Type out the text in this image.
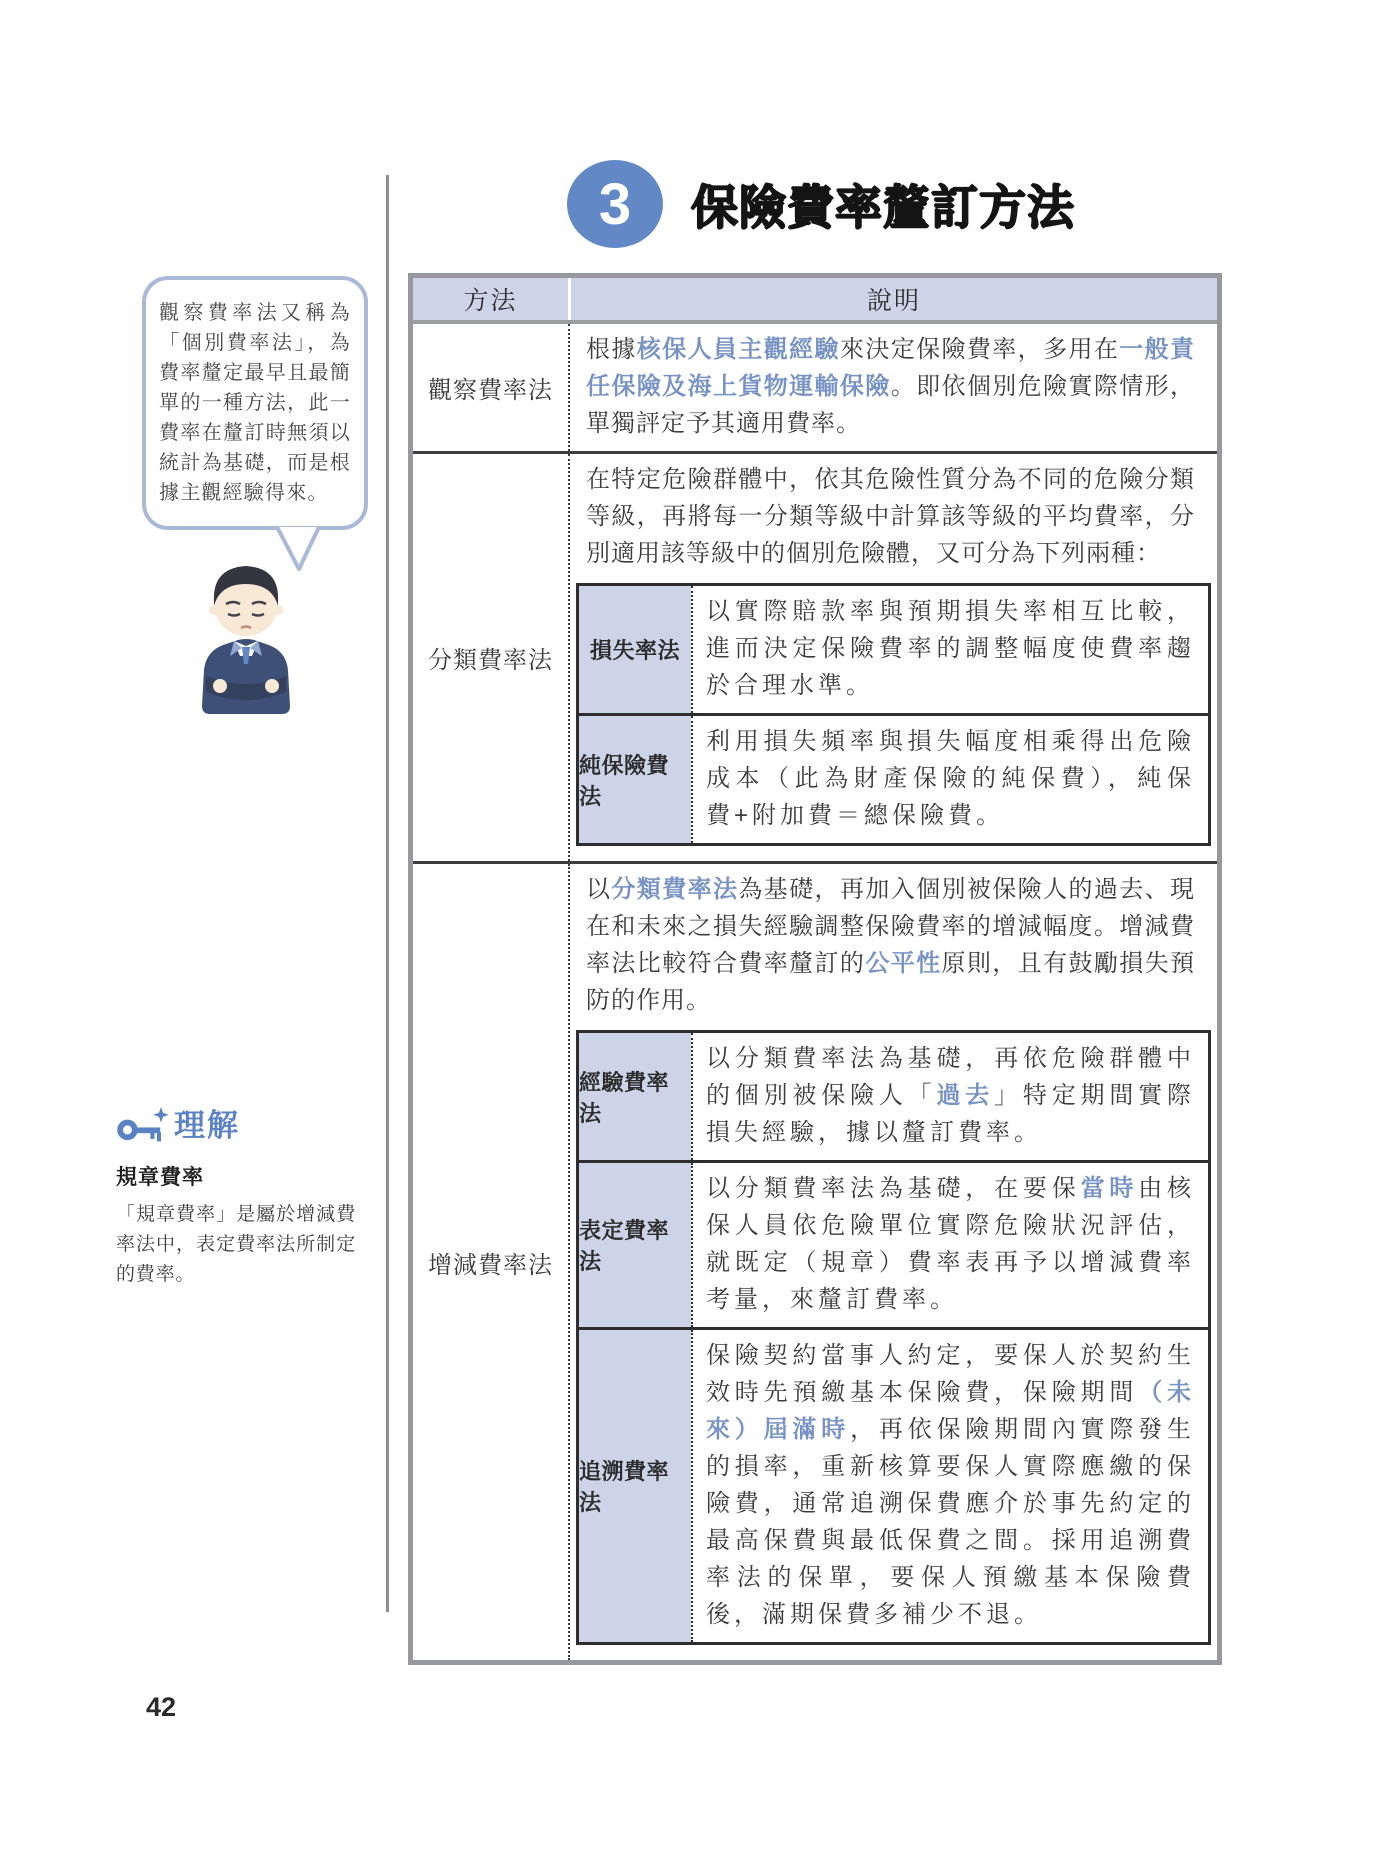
3	保險費率釐訂方法
觀察費率法又稱為「個別費率法」，為費率釐定最早且最簡單的一種方法，此一費率在釐訂時無須以統計為基礎，而是根據主觀經驗得來。
理解
規章費率
「規章費率」是屬於增減費率法中，表定費率法所制定的費率。
方法	說明
觀察費率法
根據核保人員主觀經驗來決定保險費率，多用在一般責任保險及海上貨物運輸保險。即依個別危險實際情形，單獨評定予其適用費率。
分類費率法
在特定危險群體中，依其危險性質分為不同的危險分類等級，再將每一分類等級中計算該等級的平均費率，分別適用該等級中的個別危險體，又可分為下列兩種：
損失率法
以實際賠款率與預期損失率相互比較，進而決定保險費率的調整幅度使費率趨於合理水準。
純保險費法
利用損失頻率與損失幅度相乘得出危險成本（此為財產保險的純保費），純保費+附加費＝總保險費。
增減費率法
以分類費率法為基礎，再加入個別被保險人的過去、現在和未來之損失經驗調整保險費率的增減幅度。增減費率法比較符合費率釐訂的公平性原則，且有鼓勵損失預防的作用。
經驗費率法
以分類費率法為基礎，再依危險群體中的個別被保險人「過去」特定期間實際損失經驗，據以釐訂費率。
表定費率法
以分類費率法為基礎，在要保當時由核保人員依危險單位實際危險狀況評估，就既定（規章）費率表再予以增減費率考量，來釐訂費率。
追溯費率法
保險契約當事人約定，要保人於契約生效時先預繳基本保險費，保險期間（未來）屆滿時，再依保險期間內實際發生的損率，重新核算要保人實際應繳的保險費，通常追溯保費應介於事先約定的最高保費與最低保費之間。採用追溯費率法的保單，要保人預繳基本保險費後，滿期保費多補少不退。
42
